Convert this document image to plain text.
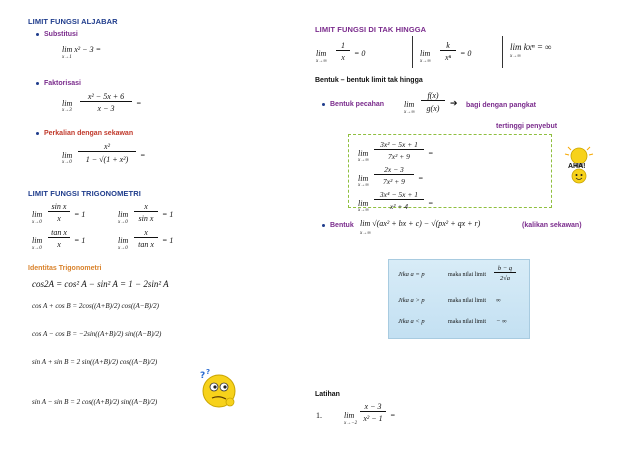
LIMIT FUNGSI ALJABAR
Substitusi
lim x² − 3 =
x→1
Faktorisasi
lim
x→3
x² − 5x + 6
x − 3
=
Perkalian dengan sekawan
lim
x→0
x²
1 − √(1 + x²)	=
LIMIT FUNGSI TRIGONOMETRI
lim
x→0
sin x
x	= 1	lim
x→0
x
sin x	= 1
lim
x→0
tan x
x	= 1	lim
x→0
x
tan x	= 1
Identitas Trigonometri
cos2A = cos² A − sin² A = 1 − 2sin² A
cos A + cos B = 2cos((A+B)/2) cos((A−B)/2)
cos A − cos B = −2sin((A+B)/2) sin((A−B)/2)
sin A + sin B = 2 sin((A+B)/2) cos((A−B)/2)
sin A − sin B = 2 cos((A+B)/2) sin((A−B)/2)
? ?
LIMIT FUNGSI DI TAK HINGGA
lim
x→∞
1
x	= 0	lim
x→∞
k
xⁿ	= 0
lim kxⁿ = ∞
x→∞
Bentuk – bentuk limit tak hingga
Bentuk pecahan lim
x→∞
f(x)
g(x)	➔ bagi dengan pangkat
tertinggi penyebut
lim
x→∞
3x² − 5x + 1
7x² + 9	=
lim
x→∞
2x − 3
7x² + 9	=
lim
x→∞
3x⁴ − 5x + 1
x² + 4	=
AHA!
Bentuk lim √(ax² + bx + c) − √(px² + qx + r)
x→∞
(kalikan sekawan)
Jika a = p	maka nilai limit
b − q
2√a
Jika a > p	maka nilai limit ∞
Jika a < p	maka nilai limit − ∞
Latihan
1.	lim
x→−2
x − 3
x² − 1 =
